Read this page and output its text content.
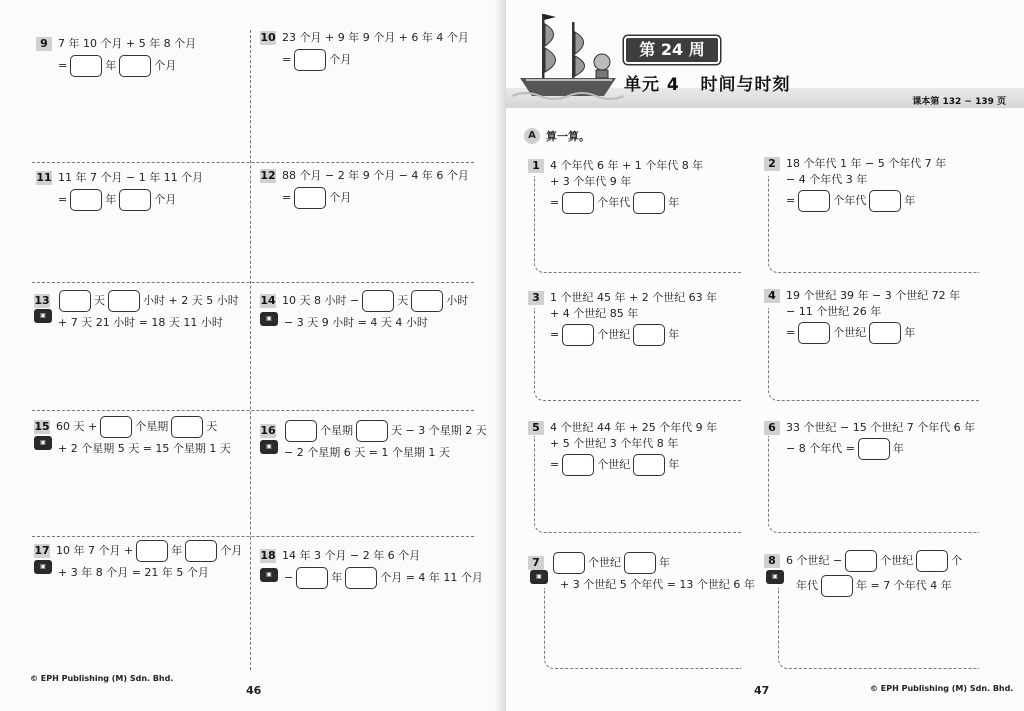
9 7 年 10 个月 + 5 年 8 个月
=	年	个月
10 23 个月 + 9 年 9 个月 + 6 年 4 个月
=	个月
11 11 年 7 个月 − 1 年 11 个月
=	年	个月
12 88 个月 − 2 年 9 个月 − 4 年 6 个月
=	个月
13	天	小时 + 2 天 5 小时
+ 7 天 21 小时 = 18 天 11 小时
▣
14 10 天 8 小时 −	天	小时
− 3 天 9 小时 = 4 天 4 小时
▣
15 60 天 +	个星期	天
+ 2 个星期 5 天 = 15 个星期 1 天
▣
16	个星期	天 − 3 个星期 2 天
− 2 个星期 6 天 = 1 个星期 1 天
▣
17 10 年 7 个月 +	年	个月
+ 3 年 8 个月 = 21 年 5 个月
▣
18 14 年 3 个月 − 2 年 6 个月
−	年	个月 = 4 年 11 个月
▣
© EPH Publishing (M) Sdn. Bhd.
46
第 24 周
单元 4 时间与时刻
课本第 132 − 139 页
A 算一算。
1 4 个年代 6 年 + 1 个年代 8 年
+ 3 个年代 9 年
=	个年代	年
2 18 个年代 1 年 − 5 个年代 7 年
− 4 个年代 3 年
=	个年代	年
3 1 个世纪 45 年 + 2 个世纪 63 年
+ 4 个世纪 85 年
=	个世纪	年
4 19 个世纪 39 年 − 3 个世纪 72 年
− 11 个世纪 26 年
=	个世纪	年
5 4 个世纪 44 年 + 25 个年代 9 年
+ 5 个世纪 3 个年代 8 年
=	个世纪	年
6 33 个世纪 − 15 个世纪 7 个年代 6 年
− 8 个年代 =	年
7	个世纪	年
+ 3 个世纪 5 个年代 = 13 个世纪 6 年
▣
8 6 个世纪 −	个世纪	个
年代	年 = 7 个年代 4 年
▣
47	© EPH Publishing (M) Sdn. Bhd.
